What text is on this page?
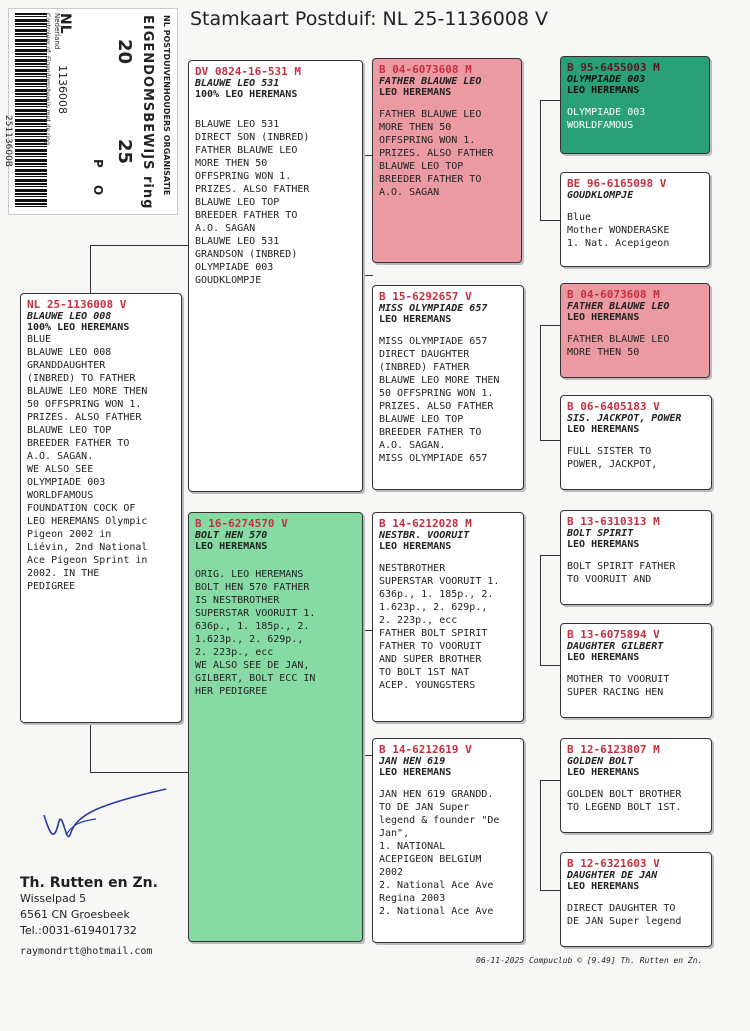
Stamkaart Postduif: NL 25-1136008 V
NL POSTDUIVENHOUDERS ORGANISATIE
EIGENDOMSBEWIJS ring
20
25
NL
Nederland
1136008
Controleer of: Eigendomsbewijs met de ring
25113600B	P
O
NL 25-1136008 V
BLAUWE LEO 008
100% LEO HEREMANS
BLUE
BLAUWE LEO 008
GRANDDAUGHTER
(INBRED) TO FATHER
BLAUWE LEO MORE THEN
50 OFFSPRING WON 1.
PRIZES. ALSO FATHER
BLAUWE LEO TOP
BREEDER FATHER TO
A.O. SAGAN.
WE ALSO SEE
OLYMPIADE 003
WORLDFAMOUS
FOUNDATION COCK OF
LEO HEREMANS Olympic
Pigeon 2002 in
Liévin, 2nd National
Ace Pigeon Sprint in
2002. IN THE
PEDIGREE
DV 0824-16-531 M
BLAUWE LEO 531
100% LEO HEREMANS
BLAUWE LEO 531
DIRECT SON (INBRED)
FATHER BLAUWE LEO
MORE THEN 50
OFFSPRING WON 1.
PRIZES. ALSO FATHER
BLAUWE LEO TOP
BREEDER FATHER TO
A.O. SAGAN
BLAUWE LEO 531
GRANDSON (INBRED)
OLYMPIADE 003
GOUDKLOMPJE
B 16-6274570 V
BOLT HEN 570
LEO HEREMANS
ORIG. LEO HEREMANS
BOLT HEN 570 FATHER
IS NESTBROTHER
SUPERSTAR VOORUIT 1.
636p., 1. 185p., 2.
1.623p., 2. 629p.,
2. 223p., ecc
WE ALSO SEE DE JAN,
GILBERT, BOLT ECC IN
HER PEDIGREE
B 04-6073608 M
FATHER BLAUWE LEO
LEO HEREMANS
FATHER BLAUWE LEO
MORE THEN 50
OFFSPRING WON 1.
PRIZES. ALSO FATHER
BLAUWE LEO TOP
BREEDER FATHER TO
A.O. SAGAN
B 15-6292657 V
MISS OLYMPIADE 657
LEO HEREMANS
MISS OLYMPIADE 657
DIRECT DAUGHTER
(INBRED) FATHER
BLAUWE LEO MORE THEN
50 OFFSPRING WON 1.
PRIZES. ALSO FATHER
BLAUWE LEO TOP
BREEDER FATHER TO
A.O. SAGAN.
MISS OLYMPIADE 657
B 14-6212028 M
NESTBR. VOORUIT
LEO HEREMANS
NESTBROTHER
SUPERSTAR VOORUIT 1.
636p., 1. 185p., 2.
1.623p., 2. 629p.,
2. 223p., ecc
FATHER BOLT SPIRIT
FATHER TO VOORUIT
AND SUPER BROTHER
TO BOLT 1ST NAT
ACEP. YOUNGSTERS
B 14-6212619 V
JAN HEN 619
LEO HEREMANS
JAN HEN 619 GRANDD.
TO DE JAN Super
legend & founder "De
Jan",
1. NATIONAL
ACEPIGEON BELGIUM
2002
2. National Ace Ave
Regina 2003
2. National Ace Ave
B 95-6455003 M
OLYMPIADE 003
LEO HEREMANS
OLYMPIADE 003
WORLDFAMOUS
BE 96-6165098 V
GOUDKLOMPJE
Blue
Mother WONDERASKE
1. Nat. Acepigeon
B 04-6073608 M
FATHER BLAUWE LEO
LEO HEREMANS
FATHER BLAUWE LEO
MORE THEN 50
B 06-6405183 V
SIS. JACKPOT, POWER
LEO HEREMANS
FULL SISTER TO
POWER, JACKPOT,
B 13-6310313 M
BOLT SPIRIT
LEO HEREMANS
BOLT SPIRIT FATHER
TO VOORUIT AND
B 13-6075894 V
DAUGHTER GILBERT
LEO HEREMANS
MOTHER TO VOORUIT
SUPER RACING HEN
B 12-6123807 M
GOLDEN BOLT
LEO HEREMANS
GOLDEN BOLT BROTHER
TO LEGEND BOLT 1ST.
B 12-6321603 V
DAUGHTER DE JAN
LEO HEREMANS
DIRECT DAUGHTER TO
DE JAN Super legend
Th. Rutten en Zn.
Wisselpad 5
6561 CN Groesbeek
Tel.:0031-619401732
raymondrtt@hotmail.com
06-11-2025 Compuclub © [9.49] Th. Rutten en Zn.
